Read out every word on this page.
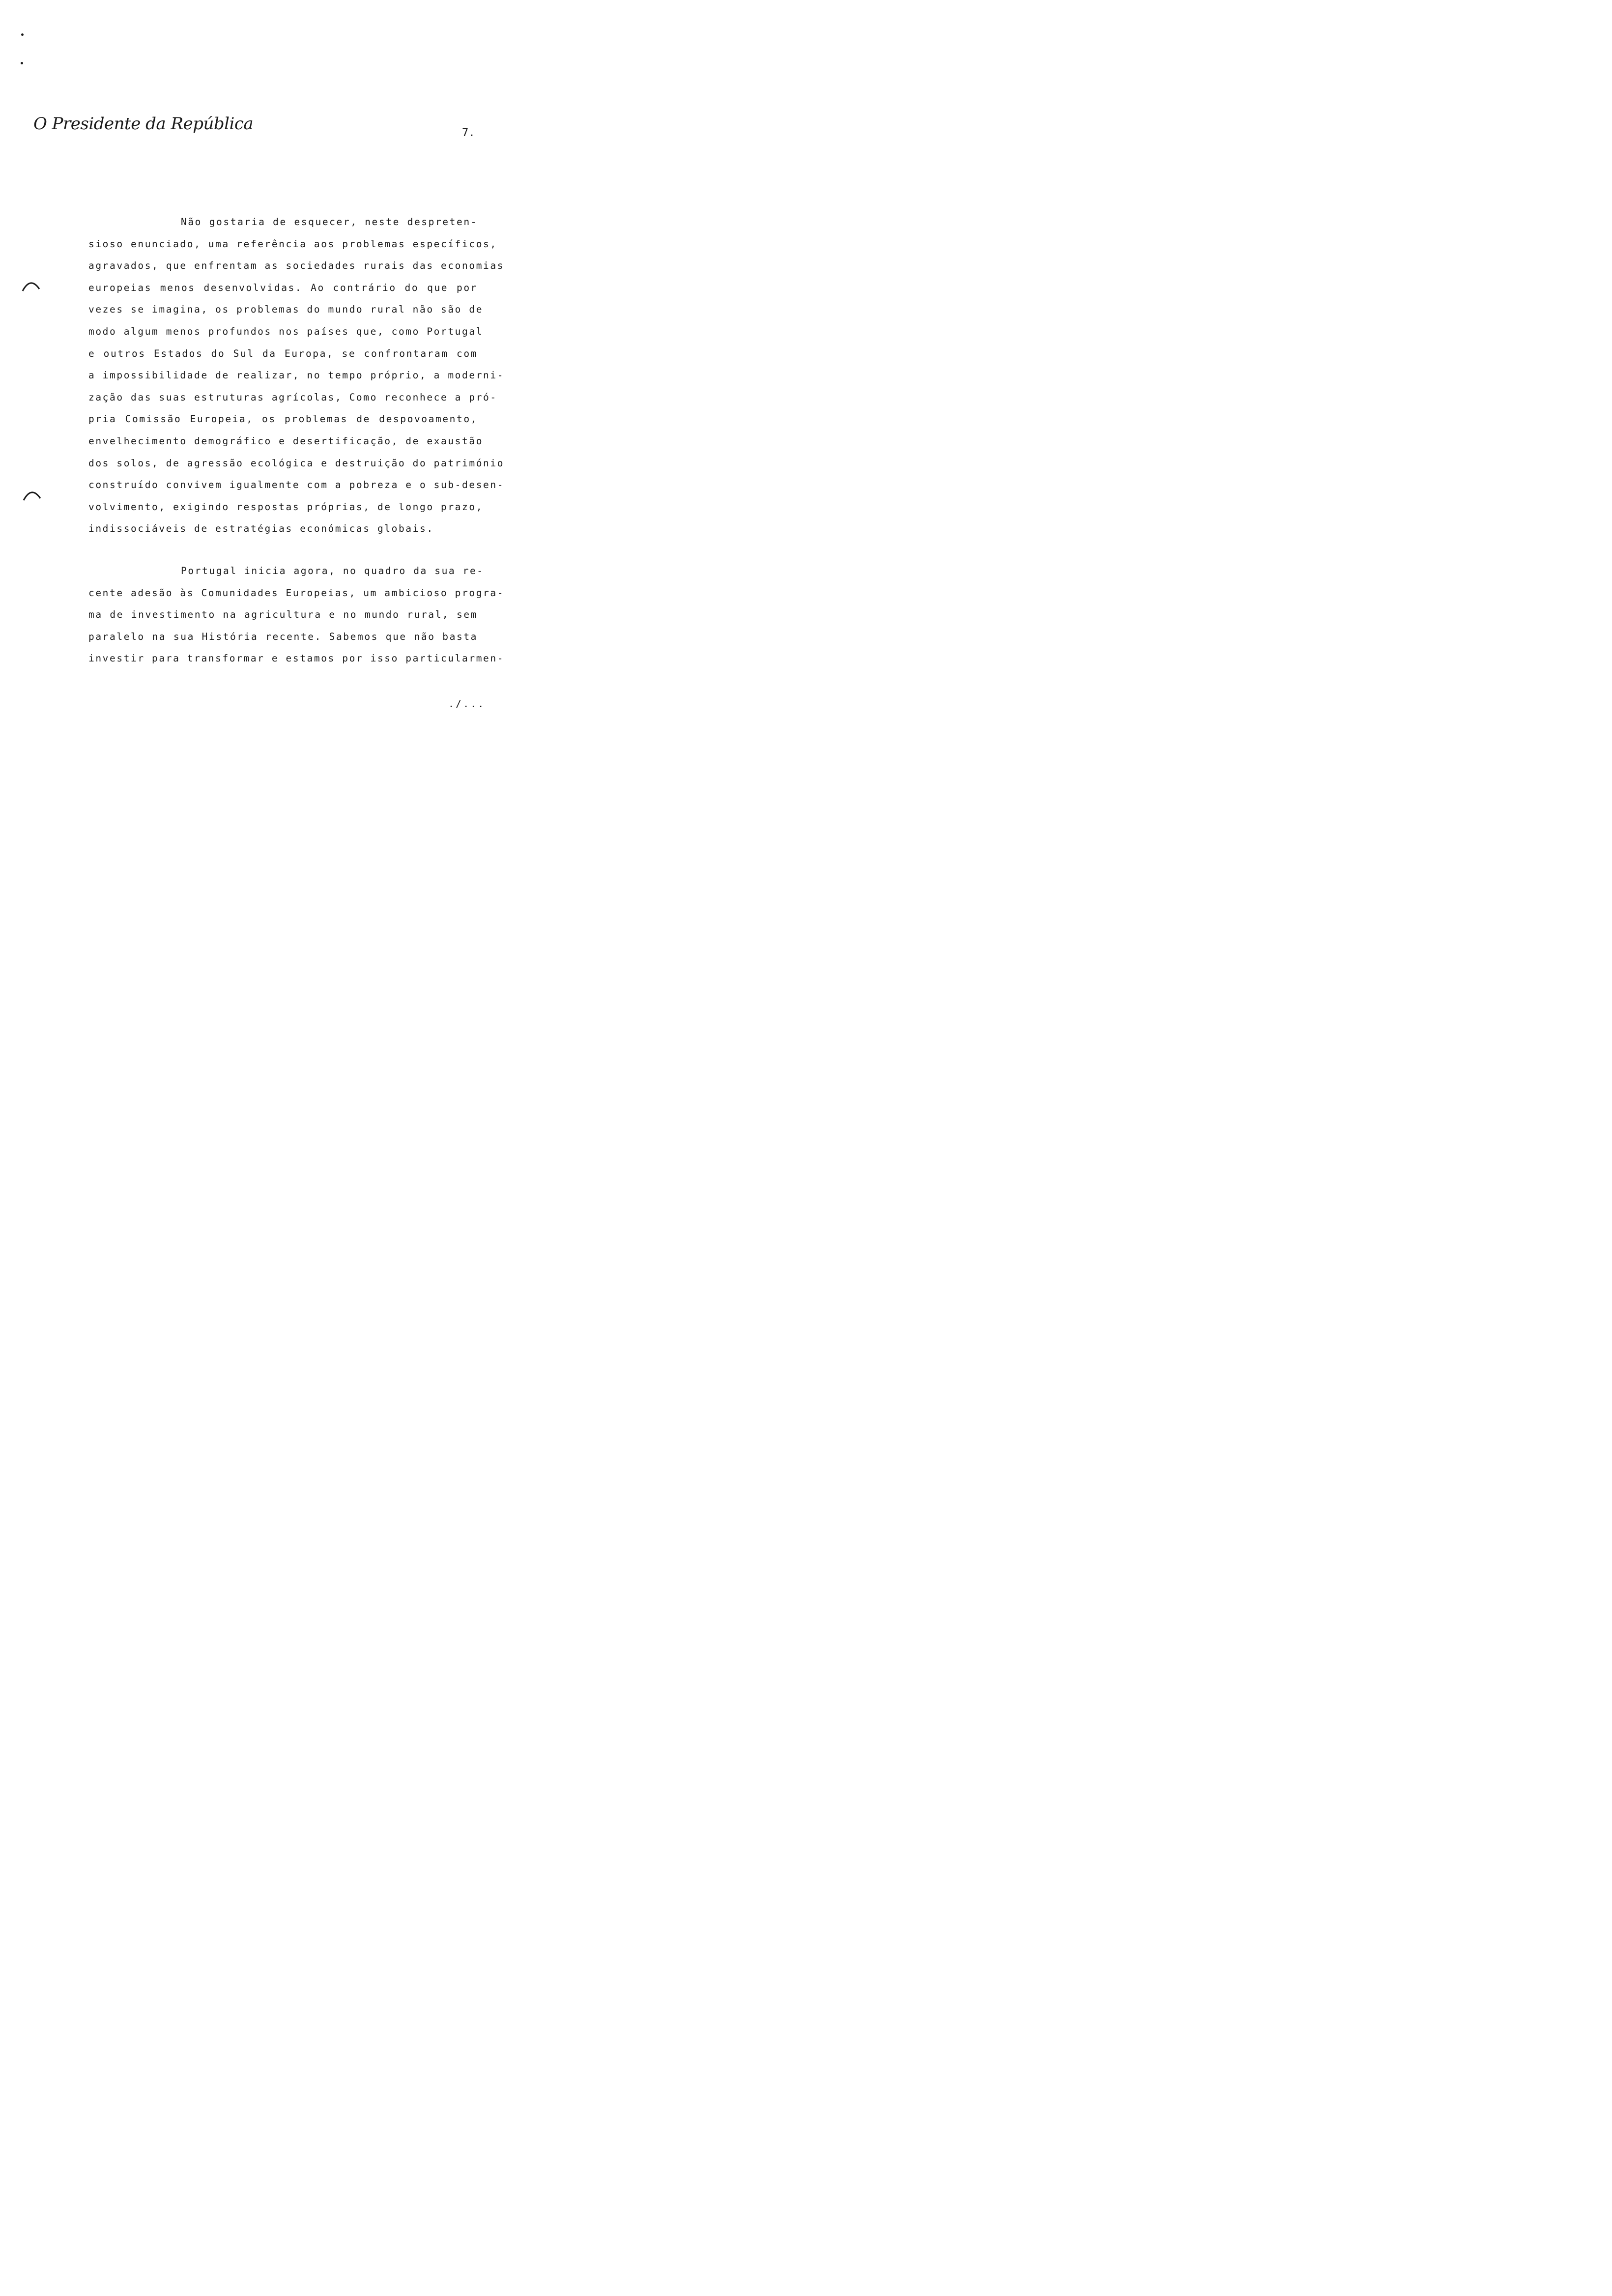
O Presidente da República	7.
Não gostaria de esquecer, neste despreten-
sioso enunciado, uma referência aos problemas específicos,
agravados, que enfrentam as sociedades rurais das economias
europeias menos desenvolvidas. Ao contrário do que por
vezes se imagina, os problemas do mundo rural não são de
modo algum menos profundos nos países que, como Portugal
e outros Estados do Sul da Europa, se confrontaram com
a impossibilidade de realizar, no tempo próprio, a moderni-
zação das suas estruturas agrícolas, Como reconhece a pró-
pria Comissão Europeia, os problemas de despovoamento,
envelhecimento demográfico e desertificação, de exaustão
dos solos, de agressão ecológica e destruição do património
construído convivem igualmente com a pobreza e o sub-desen-
volvimento, exigindo respostas próprias, de longo prazo,
indissociáveis de estratégias económicas globais.
Portugal inicia agora, no quadro da sua re-
cente adesão às Comunidades Europeias, um ambicioso progra-
ma de investimento na agricultura e no mundo rural, sem
paralelo na sua História recente. Sabemos que não basta
investir para transformar e estamos por isso particularmen-
./...
